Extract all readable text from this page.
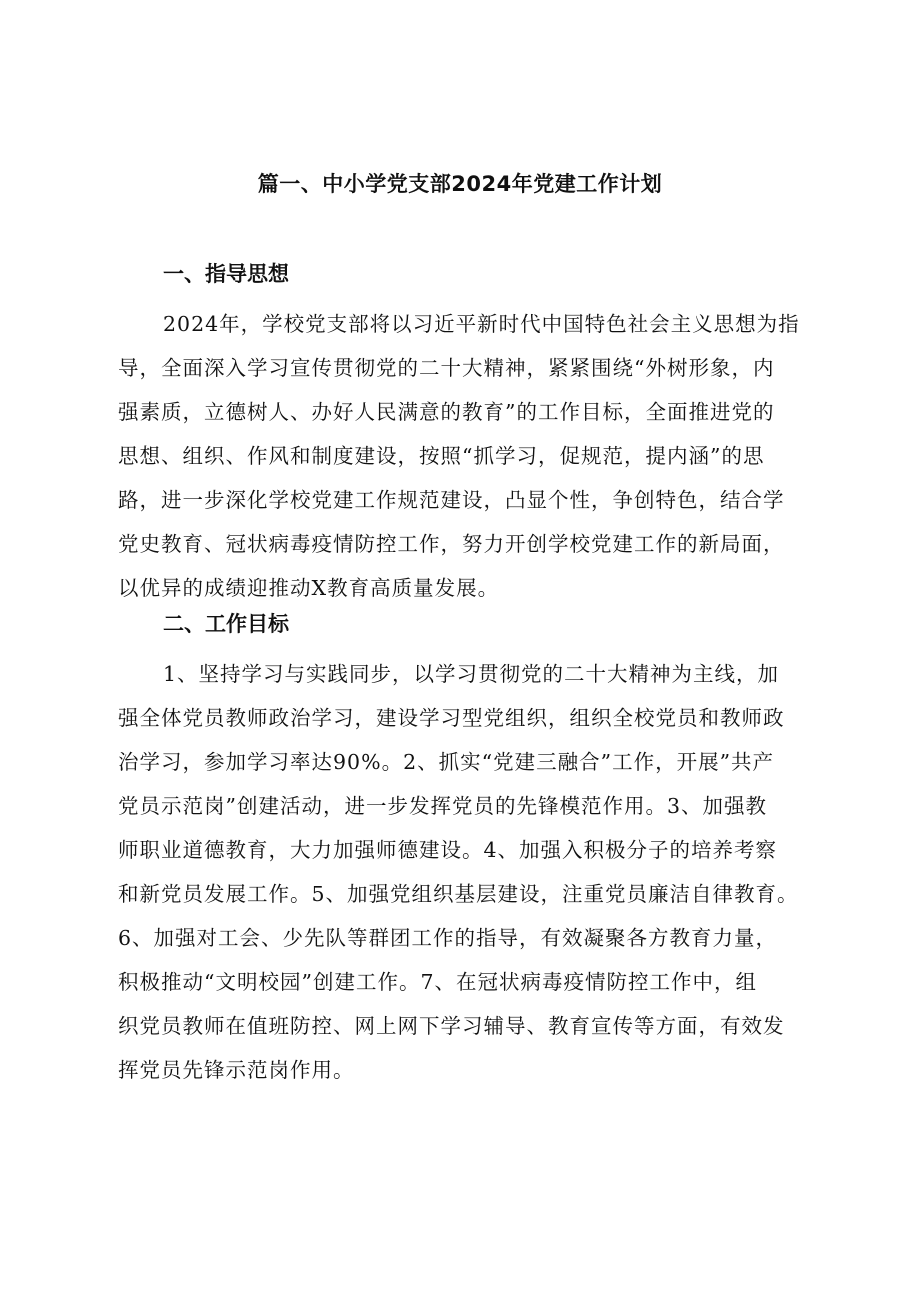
篇一、中小学党支部2024年党建工作计划
一、指导思想
2024年，学校党支部将以习近平新时代中国特色社会主义思想为指
导，全面深入学习宣传贯彻党的二十大精神，紧紧围绕“外树形象，内
强素质，立德树人、办好人民满意的教育”的工作目标，全面推进党的
思想、组织、作风和制度建设，按照“抓学习，促规范，提内涵”的思
路，进一步深化学校党建工作规范建设，凸显个性，争创特色，结合学
党史教育、冠状病毒疫情防控工作，努力开创学校党建工作的新局面，
以优异的成绩迎推动X教育高质量发展。
二、工作目标
1、坚持学习与实践同步，以学习贯彻党的二十大精神为主线，加
强全体党员教师政治学习，建设学习型党组织，组织全校党员和教师政
治学习，参加学习率达90%。2、抓实“党建三融合”工作，开展”共产
党员示范岗”创建活动，进一步发挥党员的先锋模范作用。3、加强教
师职业道德教育，大力加强师德建设。4、加强入积极分子的培养考察
和新党员发展工作。5、加强党组织基层建设，注重党员廉洁自律教育。
6、加强对工会、少先队等群团工作的指导，有效凝聚各方教育力量，
积极推动“文明校园”创建工作。7、在冠状病毒疫情防控工作中，组
织党员教师在值班防控、网上网下学习辅导、教育宣传等方面，有效发
挥党员先锋示范岗作用。
